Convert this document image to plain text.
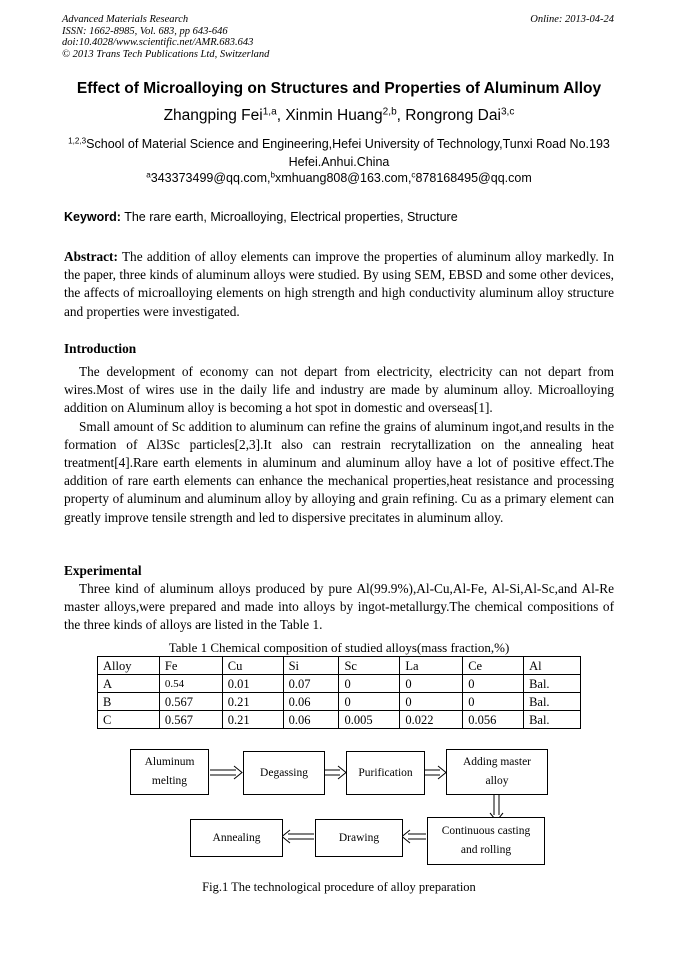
Advanced Materials Research
ISSN: 1662-8985, Vol. 683, pp 643-646
doi:10.4028/www.scientific.net/AMR.683.643
© 2013 Trans Tech Publications Ltd, Switzerland
Online: 2013-04-24
Effect of Microalloying on Structures and Properties of Aluminum Alloy
Zhangping Fei$^{1,a}$, Xinmin Huang$^{2,b}$, Rongrong Dai$^{3,c}$
$^{1,2,3}$School of Material Science and Engineering,Hefei University of Technology,Tunxi Road No.193
Hefei.Anhui.China
$^a$343373499@qq.com,$^b$xmhuang808@163.com,$^c$878168495@qq.com
Keyword: The rare earth, Microalloying, Electrical properties, Structure

Abstract: The addition of alloy elements can improve the properties of aluminum alloy markedly. In the paper, three kinds of aluminum alloys were studied. By using SEM, EBSD and some other devices, the affects of microalloying elements on high strength and high conductivity aluminum alloy structure and properties were investigated.

Introduction

The development of economy can not depart from electricity, electricity can not depart from wires.Most of wires use in the daily life and industry are made by aluminum alloy. Microalloying addition on Aluminum alloy is becoming a hot spot in domestic and overseas[1].

Small amount of Sc addition to aluminum can refine the grains of aluminum ingot,and results in the formation of Al3Sc particles[2,3].It also can restrain recrytallization on the annealing heat treatment[4].Rare earth elements in aluminum and aluminum alloy have a lot of positive effect.The addition of rare earth elements can enhance the mechanical properties,heat resistance and processing property of aluminum and aluminum alloy by alloying and grain refining. Cu as a primary element can greatly improve tensile strength and led to dispersive precitates in aluminum alloy.

Experimental

Three kind of aluminum alloys produced by pure Al(99.9%),Al-Cu,Al-Fe, Al-Si,Al-Sc,and Al-Re master alloys,were prepared and made into alloys by ingot-metallurgy.The chemical compositions of the three kinds of alloys are listed in the Table 1.

Table 1 Chemical composition of studied alloys(mass fraction,%)
Alloy	Fe	Cu	Si	Sc	La	Ce	Al
A	0.54	0.01	0.07	0	0	0	Bal.
B	0.567	0.21	0.06	0	0	0	Bal.
C	0.567	0.21	0.06	0.005	0.022	0.056	Bal.
Aluminum melting
Degassing	Purification
Adding master alloy
Continuous casting and rolling
Drawing
Annealing
Fig.1 The technological procedure of alloy preparation
